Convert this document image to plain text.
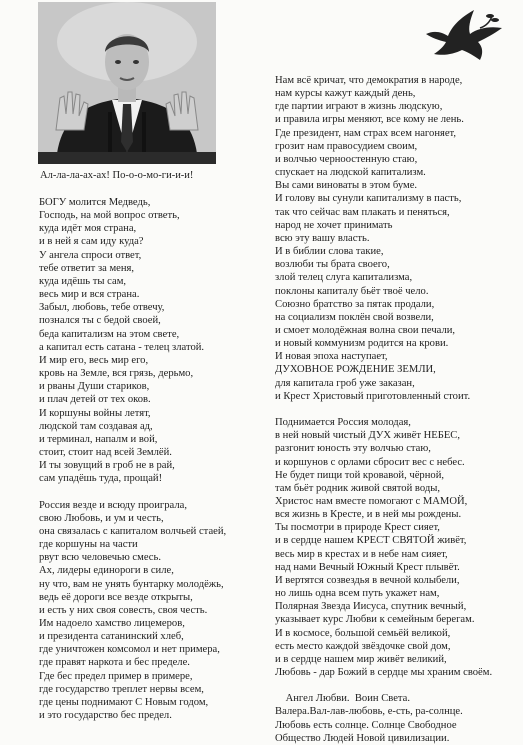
Ал-ла-ла-ах-ах! По-о-о-мо-ги-и-и!
БОГУ молится Медведь,
Господь, на мой вопрос ответь,
куда идёт моя страна,
и в ней я сам иду куда?
У ангела спроси ответ,
тебе ответит за меня,
куда идёшь ты сам,
весь мир и вся страна.
Забыл, любовь, тебе отвечу,
познался ты с бедой своей,
беда капитализм на этом свете,
а капитал есть сатана - телец златой.
И мир его, весь мир его,
кровь на Земле, вся грязь, дерьмо,
и рваны Души стариков,
и плач детей от тех оков.
И коршуны войны летят,
людской там создавая ад,
и терминал, напалм и вой,
стоит, стоит над всей Землёй.
И ты зовущий в гроб не в рай,
сам упадёшь туда, прощай!
Россия везде и всюду проиграла,
свою Любовь, и ум и честь,
она связалась с капиталом волчьей стаей,
где коршуны на части
рвут всю человечью смесь.
Ах, лидеры единороги в силе,
ну что, вам не унять бунтарку молодёжь,
ведь её дороги все везде открыты,
и есть у них своя совесть, своя честь.
Им надоело хамство лицемеров,
и президента сатанинский хлеб,
где уничтожен комсомол и нет примера,
где правят наркота и бес пределе.
Где бес предел пример в примере,
где государство треплет нервы всем,
где цены поднимают С Новым годом,
и это государство бес предел.
Нам всё кричат, что демократия в народе,
нам курсы кажут каждый день,
где партии играют в жизнь людскую,
и правила игры меняют, все кому не лень.
Где президент, нам страх всем нагоняет,
грозит нам правосудием своим,
и волчью черноостенную стаю,
спускает на людской капитализм.
Вы сами виноваты в этом буме.
И голову вы сунули капитализму в пасть,
так что сейчас вам плакать и пеняться,
народ не хочет принимать
всю эту вашу власть.
И в библии слова такие,
возлюби ты брата своего,
злой телец слуга капитализма,
поклоны капиталу бьёт твоё чело.
Союзно братство за пятак продали,
на социализм поклён свой возвели,
и смоет молодёжная волна свои печали,
и новый коммунизм родится на крови.
И новая эпоха наступает,
ДУХОВНОЕ РОЖДЕНИЕ ЗЕМЛИ,
для капитала гроб уже заказан,
и Крест Христовый приготовленный стоит.
Поднимается Россия молодая,
в ней новый чистый ДУХ живёт НЕБЕС,
разгонит юность эту волчью стаю,
и коршунов с орлами сбросит вес с небес.
Не будет пищи той кровавой, чёрной,
там бьёт родник живой святой воды,
Христос нам вместе помогают с МАМОЙ,
вся жизнь в Кресте, и в ней мы рождены.
Ты посмотри в природе Крест сияет,
и в сердце нашем КРЕСТ СВЯТОЙ живёт,
весь мир в крестах и в небе нам сияет,
над нами Вечный Южный Крест плывёт.
И вертятся созвездья в вечной колыбели,
но лишь одна всем путь укажет нам,
Полярная Звезда Иисуса, спутник вечный,
указывает курс Любви к семейным берегам.
И в космосе, большой семьёй великой,
есть место каждой звёздочке свой дом,
и в сердце нашем мир живёт великий,
Любовь - дар Божий в сердце мы храним своём.
Ангел Любви.  Воин Света.
Валера.Вал-лав-любовь, е-сть, ра-солнце.
Любовь есть солнце. Солнце Свободное
Общество Людей Новой цивилизации.
